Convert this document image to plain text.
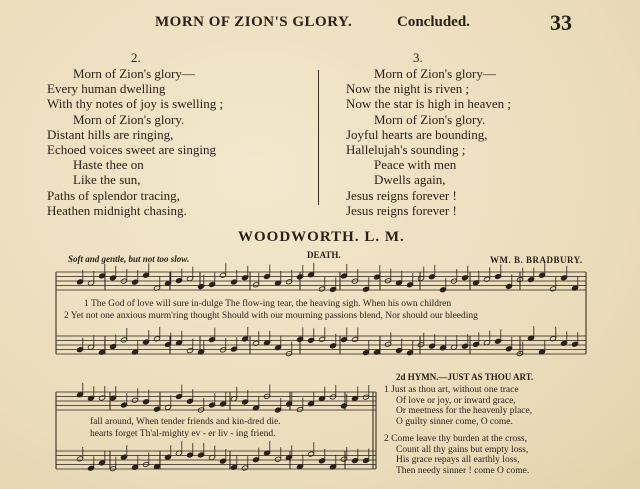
MORN OF ZION'S GLORY.	Concluded.	33
2.
Morn of Zion's glory—
Every human dwelling
With thy notes of joy is swelling ;
Morn of Zion's glory.
Distant hills are ringing,
Echoed voices sweet are singing
Haste thee on
Like the sun,
Paths of splendor tracing,
Heathen midnight chasing.
3.
Morn of Zion's glory—
Now the night is riven ;
Now the star is high in heaven ;
Morn of Zion's glory.
Joyful hearts are bounding,
Hallelujah's sounding ;
Peace with men
Dwells again,
Jesus reigns forever !
Jesus reigns forever !
WOODWORTH. L. M.
Soft and gentle, but not too slow.	DEATH.	WM. B. BRADBURY.
1 The God of love will sure in-dulge The flow-ing tear, the heaving sigh. When his own children
2 Yet not one anxious murm'ring thought Should with our mourning passions blend, Nor should our bleeding
fall around, When tender friends and kin-dred die.
hearts forget Th'al-mighty ev - er liv - ing friend.
2d HYMN.—JUST AS THOU ART.
1 Just as thou art, without one trace
Of love or joy, or inward grace,
Or meetness for the heavenly place,
O guilty sinner come, O come.
2 Come leave thy burden at the cross,
Count all thy gains but empty loss,
His grace repays all earthly loss,
Then needy sinner ! come O come.
